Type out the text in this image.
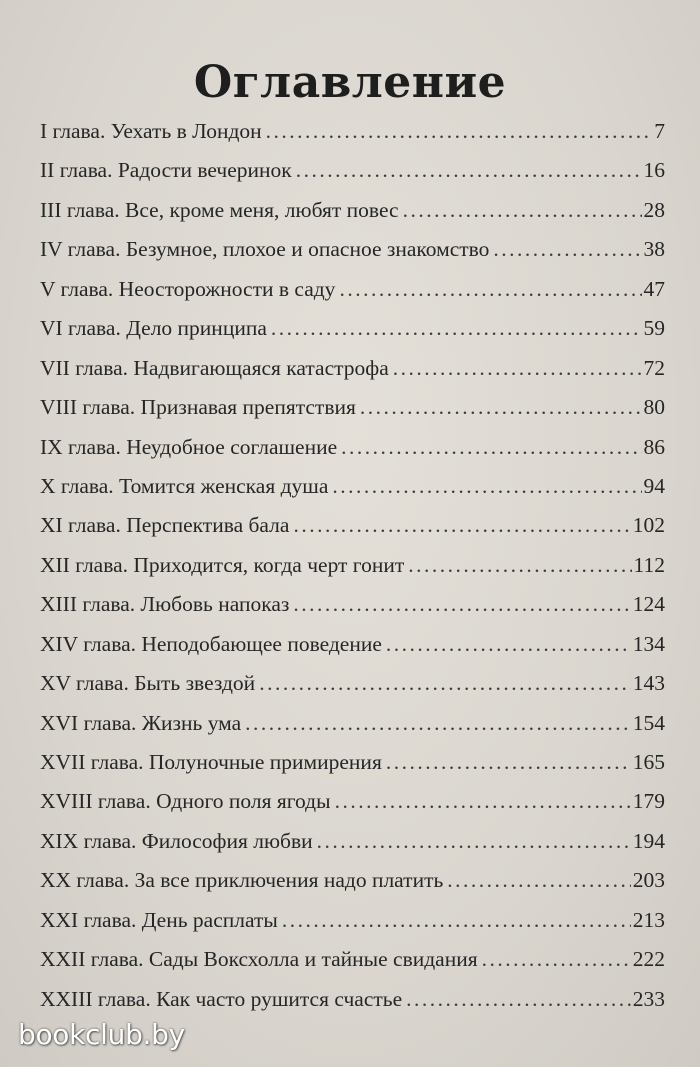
Оглавление
I глава. Уехать в Лондон .....	7
II глава. Радости вечеринок .....	16
III глава. Все, кроме меня, любят повес .....	28
IV глава. Безумное, плохое и опасное знакомство .....	38
V глава. Неосторожности в саду .....	47
VI глава. Дело принципа .....	59
VII глава. Надвигающаяся катастрофа .....	72
VIII глава. Признавая препятствия .....	80
IX глава. Неудобное соглашение .....	86
X глава. Томится женская душа .....	94
XI глава. Перспектива бала .....	102
XII глава. Приходится, когда черт гонит .....	112
XIII глава. Любовь напоказ .....	124
XIV глава. Неподобающее поведение .....	134
XV глава. Быть звездой .....	143
XVI глава. Жизнь ума .....	154
XVII глава. Полуночные примирения .....	165
XVIII глава. Одного поля ягоды .....	179
XIX глава. Философия любви .....	194
XX глава. За все приключения надо платить .....	203
XXI глава. День расплаты .....	213
XXII глава. Сады Воксхолла и тайные свидания .....	222
XXIII глава. Как часто рушится счастье .....	233
bookclub.by
